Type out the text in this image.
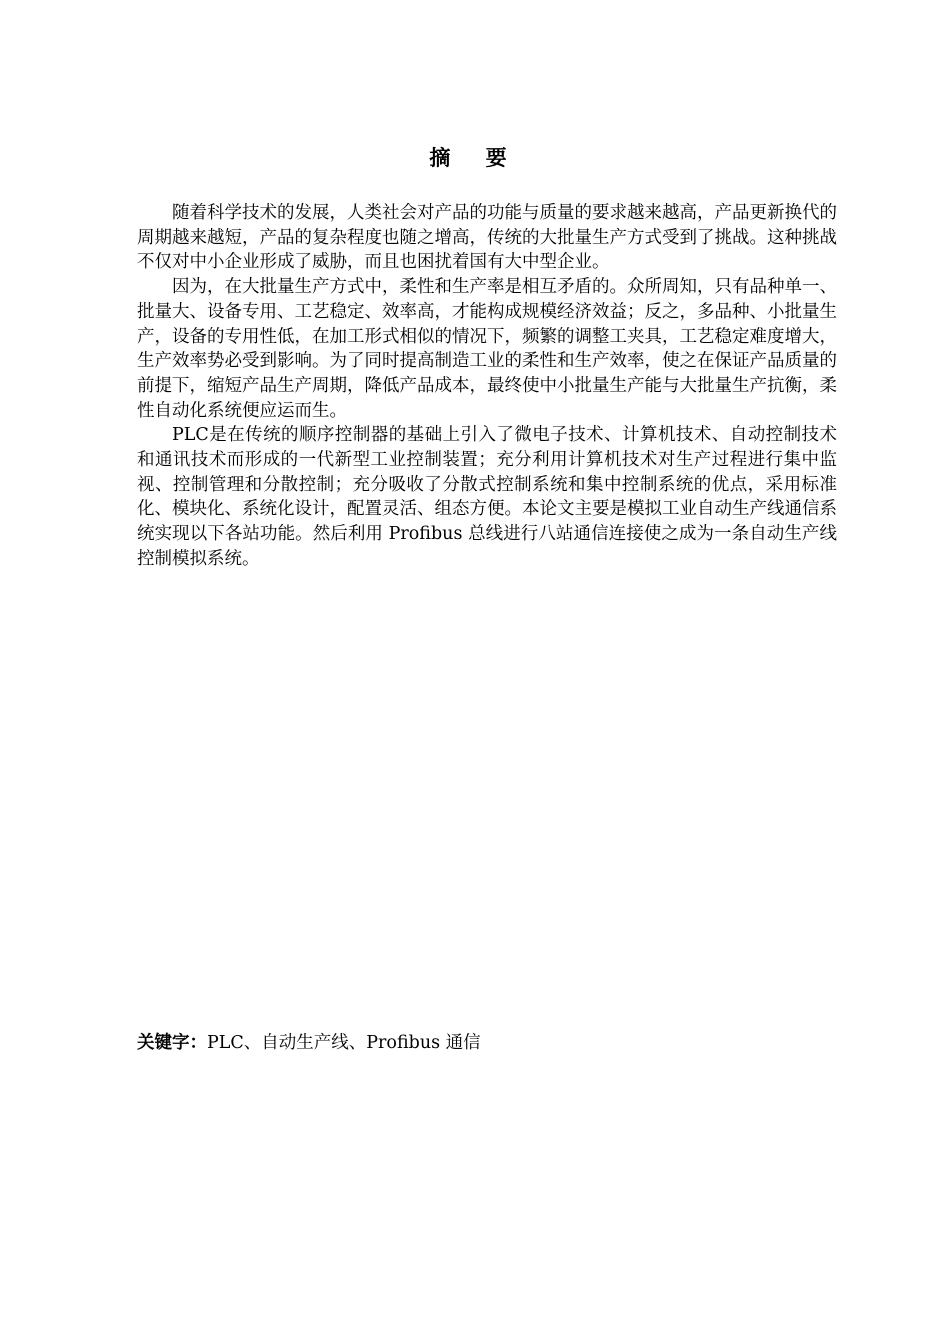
摘 要

随着科学技术的发展，人类社会对产品的功能与质量的要求越来越高，产品更新换代的周期越来越短，产品的复杂程度也随之增高，传统的大批量生产方式受到了挑战。这种挑战不仅对中小企业形成了威胁，而且也困扰着国有大中型企业。

因为，在大批量生产方式中，柔性和生产率是相互矛盾的。众所周知，只有品种单一、批量大、设备专用、工艺稳定、效率高，才能构成规模经济效益；反之，多品种、小批量生产，设备的专用性低，在加工形式相似的情况下，频繁的调整工夹具，工艺稳定难度增大，生产效率势必受到影响。为了同时提高制造工业的柔性和生产效率，使之在保证产品质量的前提下，缩短产品生产周期，降低产品成本，最终使中小批量生产能与大批量生产抗衡，柔性自动化系统便应运而生。

PLC是在传统的顺序控制器的基础上引入了微电子技术、计算机技术、自动控制技术和通讯技术而形成的一代新型工业控制装置；充分利用计算机技术对生产过程进行集中监视、控制管理和分散控制；充分吸收了分散式控制系统和集中控制系统的优点，采用标准化、模块化、系统化设计，配置灵活、组态方便。本论文主要是模拟工业自动生产线通信系统实现以下各站功能。然后利用 Profibus 总线进行八站通信连接使之成为一条自动生产线控制模拟系统。

关键字：PLC、自动生产线、Profibus 通信
